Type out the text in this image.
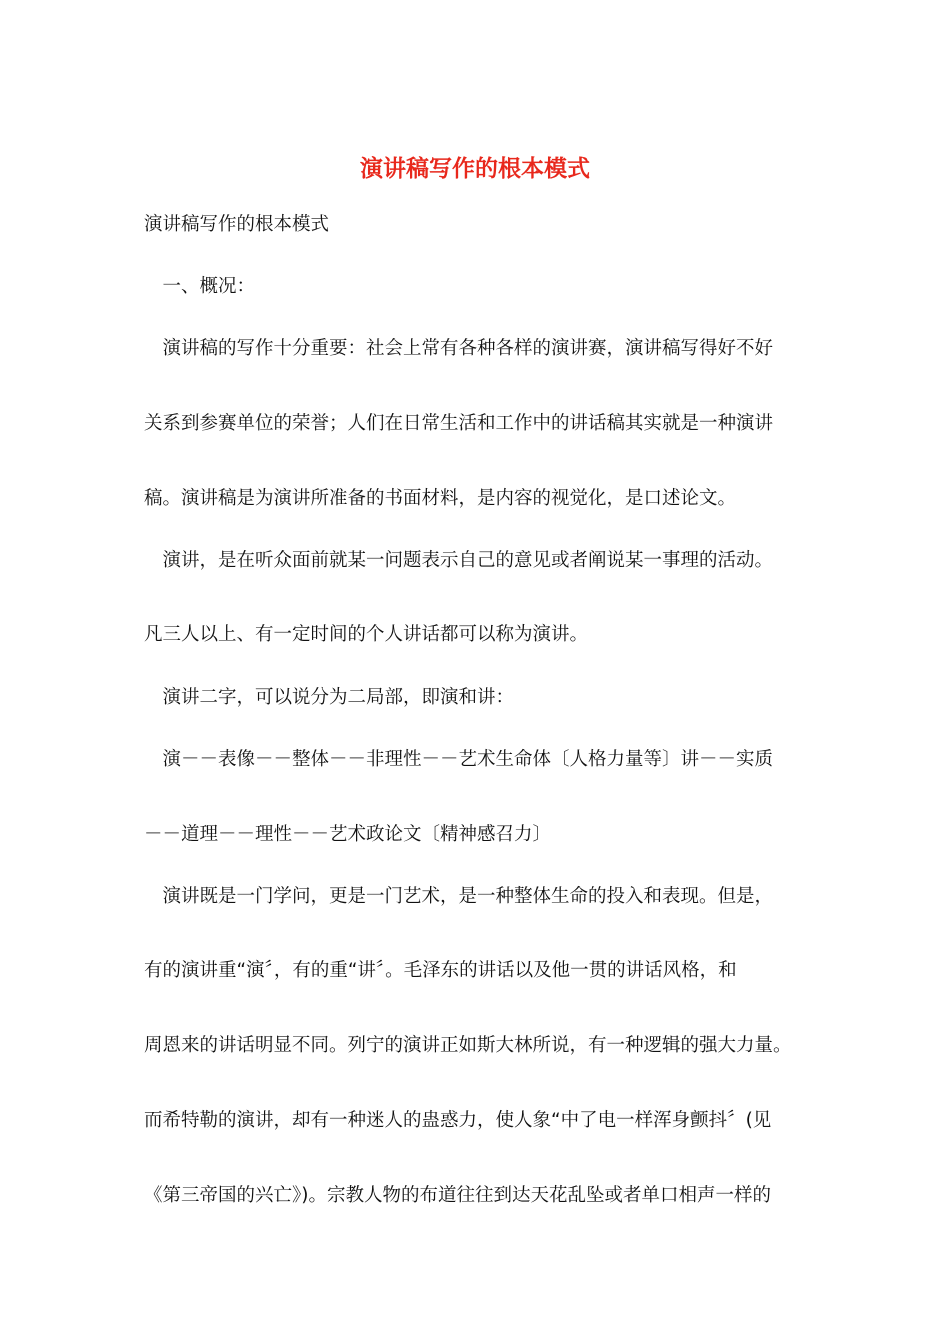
演讲稿写作的根本模式
演讲稿写作的根本模式
　一、概况：
　演讲稿的写作十分重要：社会上常有各种各样的演讲赛，演讲稿写得好不好
关系到参赛单位的荣誉；人们在日常生活和工作中的讲话稿其实就是一种演讲
稿。演讲稿是为演讲所准备的书面材料，是内容的视觉化，是口述论文。
　演讲，是在听众面前就某一问题表示自己的意见或者阐说某一事理的活动。
凡三人以上、有一定时间的个人讲话都可以称为演讲。
　演讲二字，可以说分为二局部，即演和讲：
　演－－表像－－整体－－非理性－－艺术生命体〔人格力量等〕讲－－实质
－－道理－－理性－－艺术政论文〔精神感召力〕
　演讲既是一门学问，更是一门艺术，是一种整体生命的投入和表现。但是，
有的演讲重“演〞，有的重“讲〞。毛泽东的讲话以及他一贯的讲话风格，和
周恩来的讲话明显不同。列宁的演讲正如斯大林所说，有一种逻辑的强大力量。
而希特勒的演讲，却有一种迷人的蛊惑力，使人象“中了电一样浑身颤抖〞(见
《第三帝国的兴亡》)。宗教人物的布道往往到达天花乱坠或者单口相声一样的
